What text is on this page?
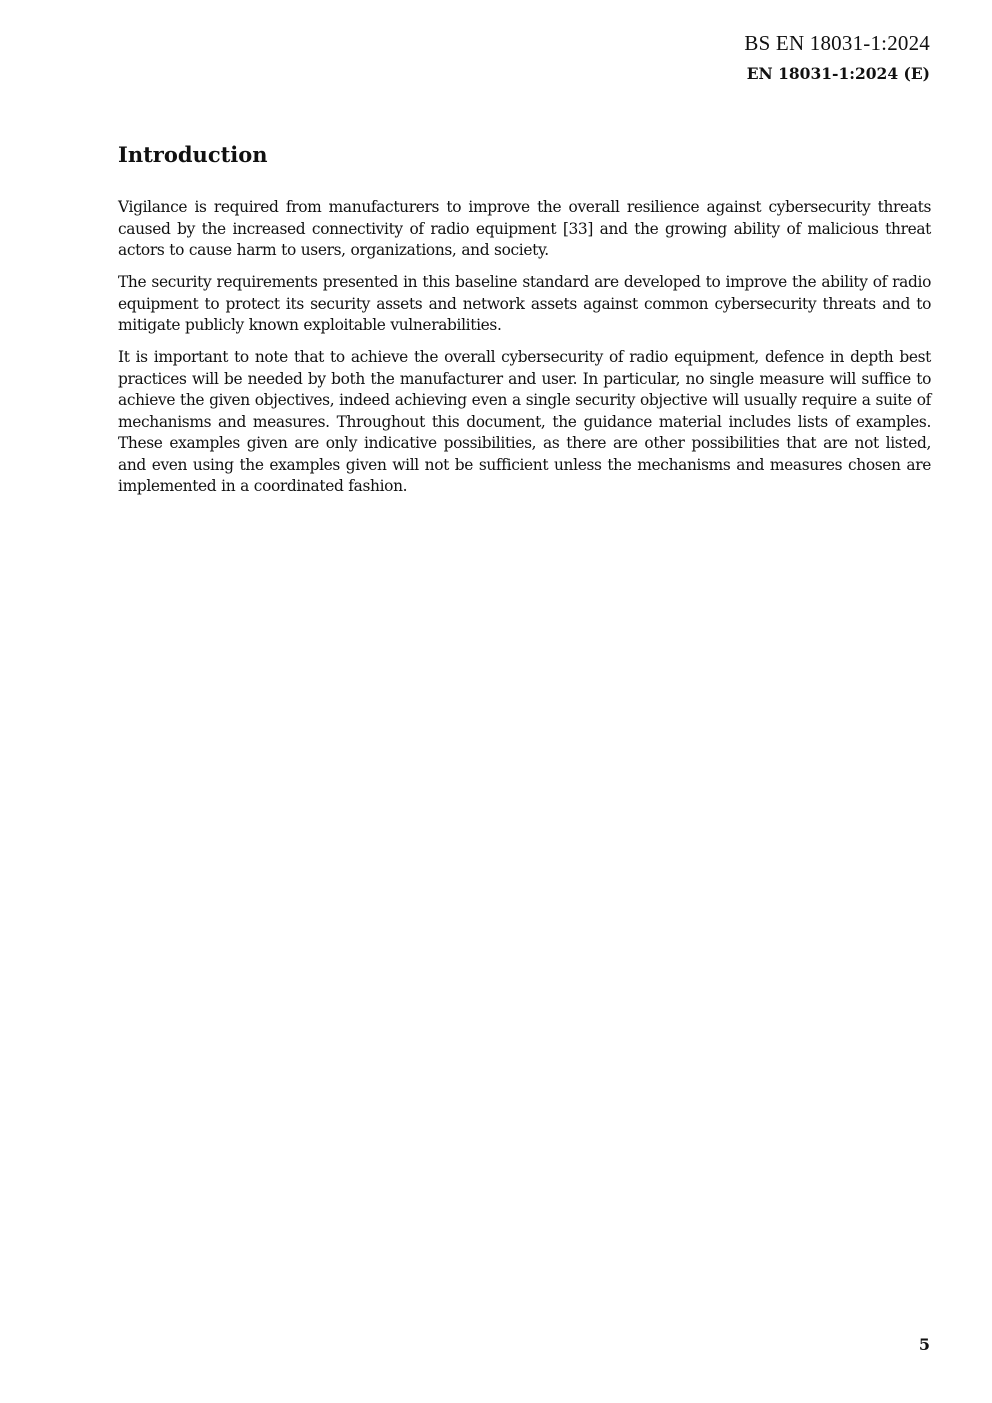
BS EN 18031-1:2024
EN 18031-1:2024 (E)
Introduction

Vigilance is required from manufacturers to improve the overall resilience against cybersecurity threats caused by the increased connectivity of radio equipment [33] and the growing ability of malicious threat actors to cause harm to users, organizations, and society.

The security requirements presented in this baseline standard are developed to improve the ability of radio equipment to protect its security assets and network assets against common cybersecurity threats and to mitigate publicly known exploitable vulnerabilities.

It is important to note that to achieve the overall cybersecurity of radio equipment, defence in depth best practices will be needed by both the manufacturer and user. In particular, no single measure will suffice to achieve the given objectives, indeed achieving even a single security objective will usually require a suite of mechanisms and measures. Throughout this document, the guidance material includes lists of examples. These examples given are only indicative possibilities, as there are other possibilities that are not listed, and even using the examples given will not be sufficient unless the mechanisms and measures chosen are implemented in a coordinated fashion.

5
